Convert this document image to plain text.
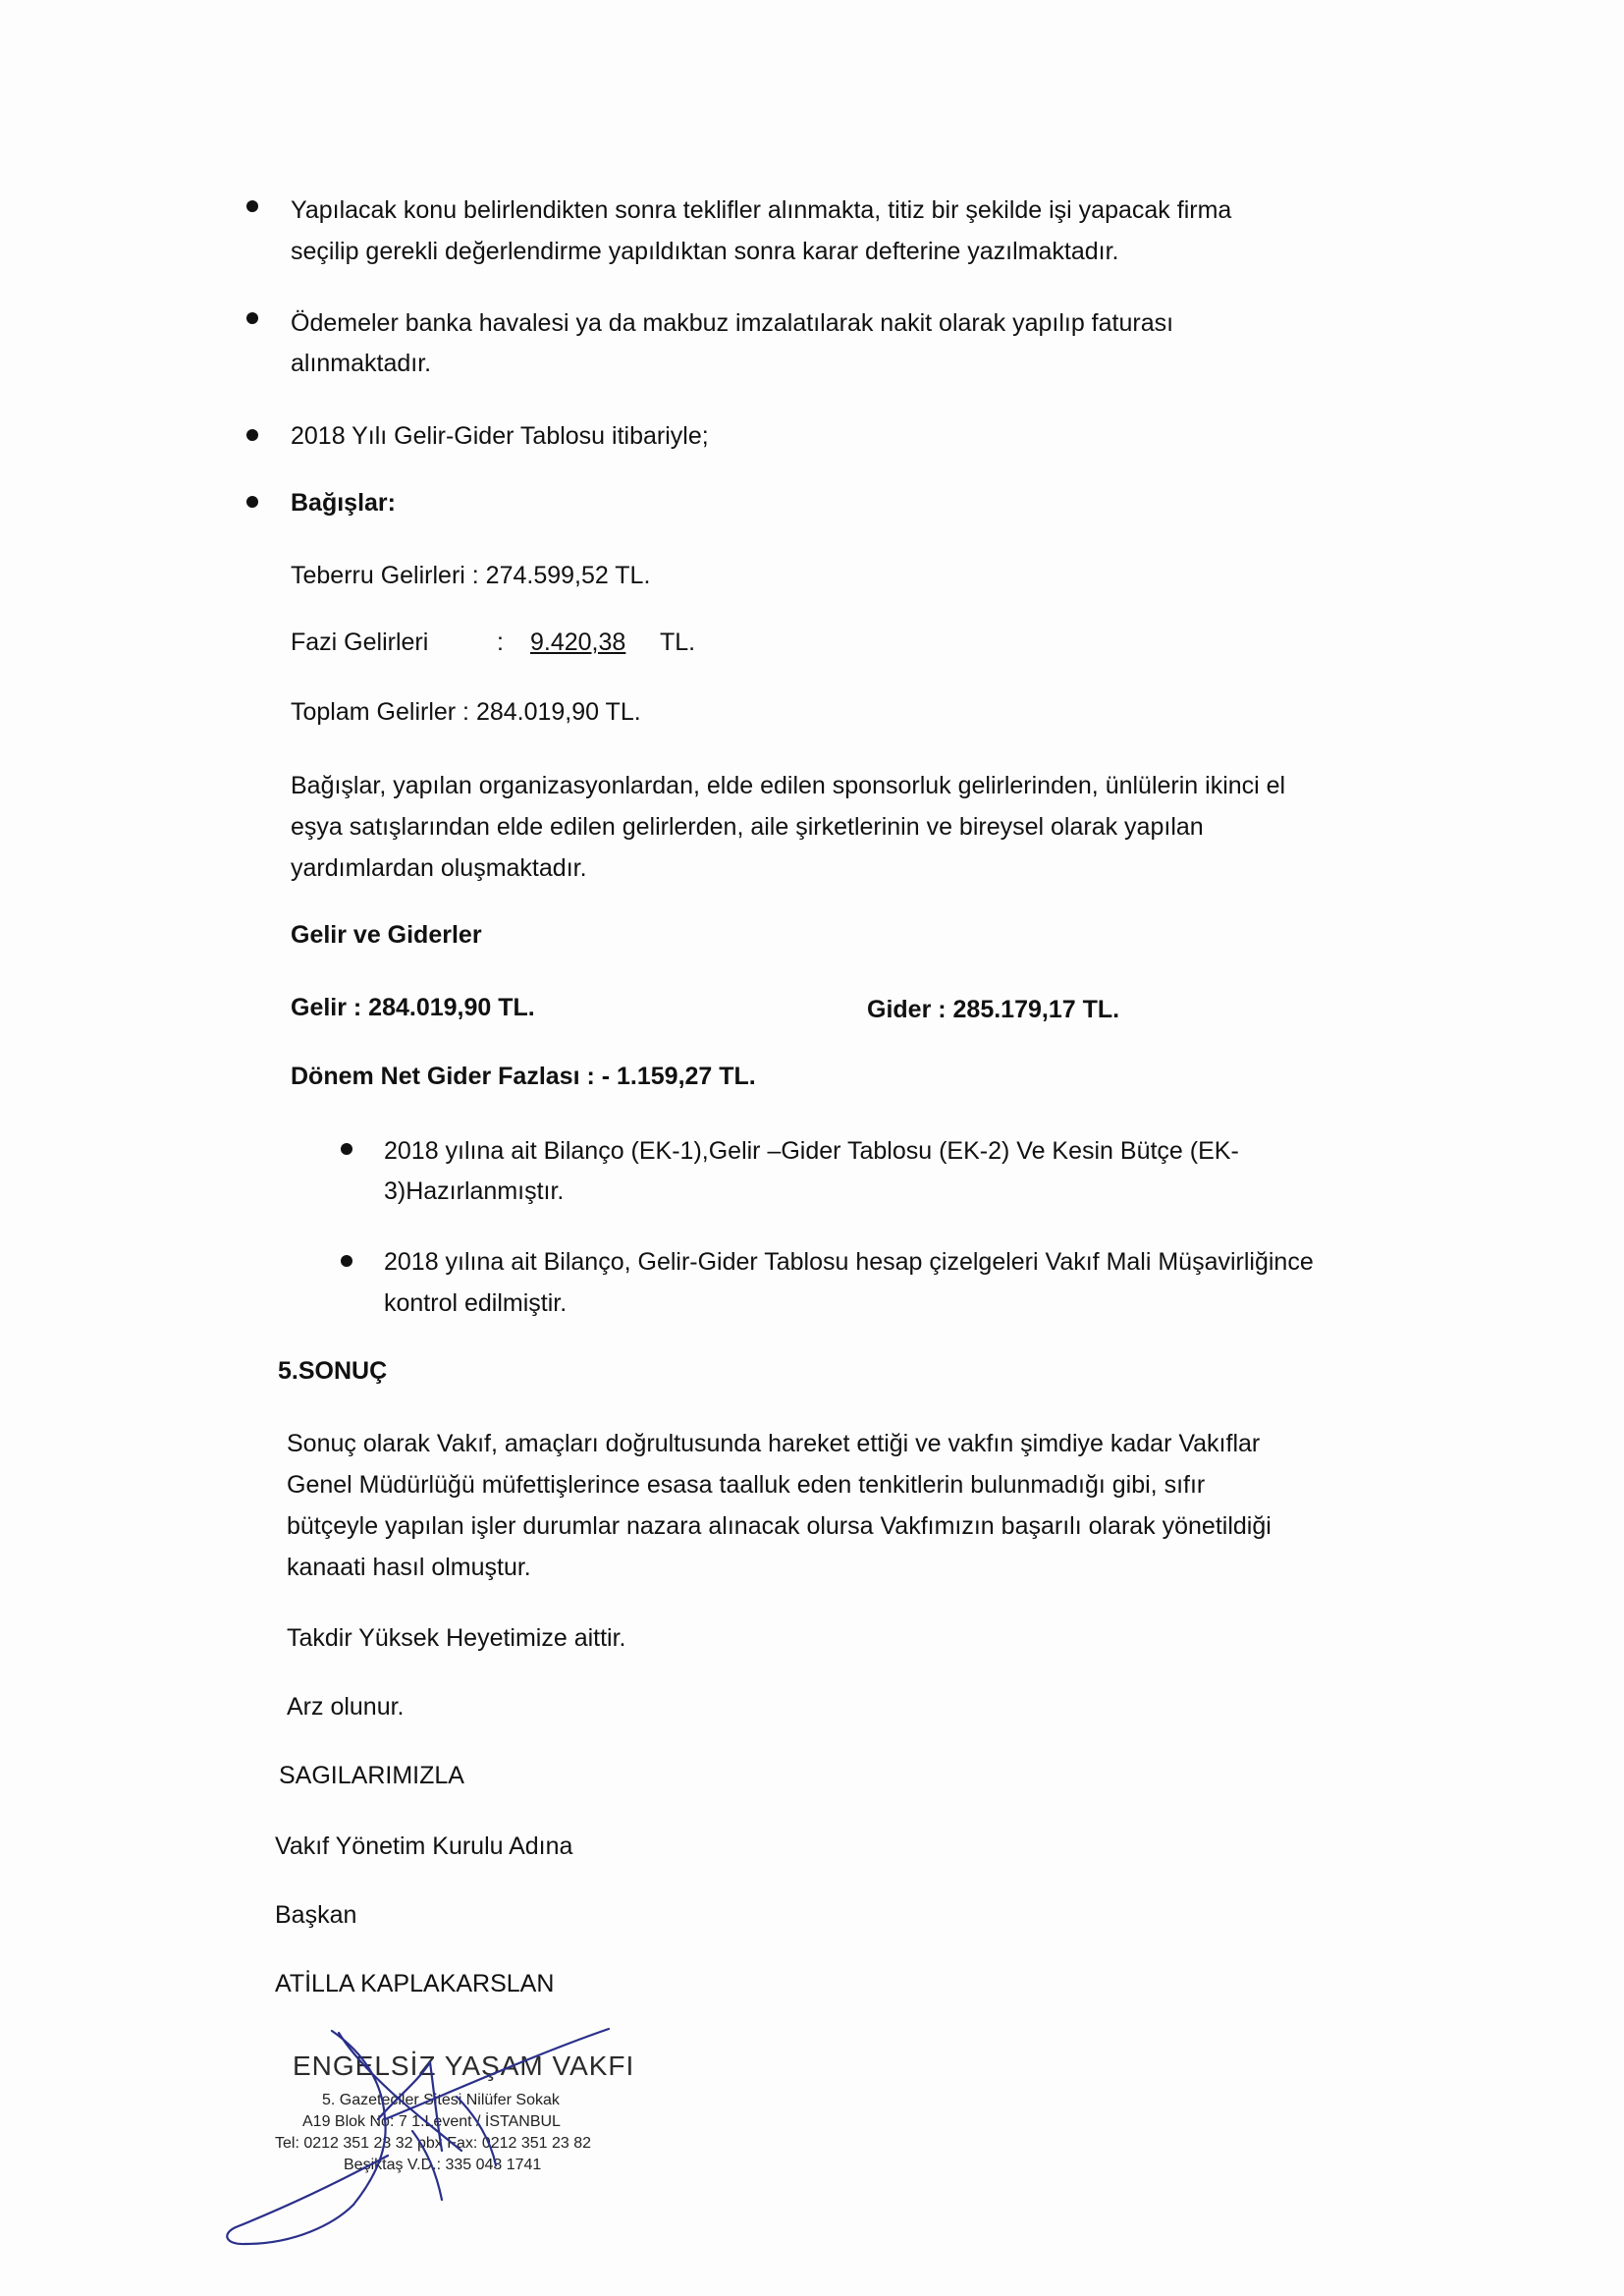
Yapılacak konu belirlendikten sonra teklifler alınmakta, titiz bir şekilde işi yapacak firma
seçilip gerekli değerlendirme yapıldıktan sonra karar defterine yazılmaktadır.
Ödemeler banka havalesi ya da makbuz imzalatılarak nakit olarak yapılıp faturası
alınmaktadır.
2018 Yılı Gelir-Gider Tablosu itibariyle;
Bağışlar:
Teberru Gelirleri : 274.599,52 TL.
Fazi Gelirleri	: 9.420,38 TL.
Toplam Gelirler : 284.019,90 TL.
Bağışlar, yapılan organizasyonlardan, elde edilen sponsorluk gelirlerinden, ünlülerin ikinci el
eşya satışlarından elde edilen gelirlerden, aile şirketlerinin ve bireysel olarak yapılan
yardımlardan oluşmaktadır.
Gelir ve Giderler
Gelir : 284.019,90 TL.	Gider : 285.179,17 TL.
Dönem Net Gider Fazlası : - 1.159,27 TL.
2018 yılına ait Bilanço (EK-1),Gelir –Gider Tablosu (EK-2) Ve Kesin Bütçe (EK-
3)Hazırlanmıştır.
2018 yılına ait Bilanço, Gelir-Gider Tablosu hesap çizelgeleri Vakıf Mali Müşavirliğince
kontrol edilmiştir.
5.SONUÇ
Sonuç olarak Vakıf, amaçları doğrultusunda hareket ettiği ve vakfın şimdiye kadar Vakıflar
Genel Müdürlüğü müfettişlerince esasa taalluk eden tenkitlerin bulunmadığı gibi, sıfır
bütçeyle yapılan işler durumlar nazara alınacak olursa Vakfımızın başarılı olarak yönetildiği
kanaati hasıl olmuştur.
Takdir Yüksek Heyetimize aittir.
Arz olunur.
SAGILARIMIZLA
Vakıf Yönetim Kurulu Adına
Başkan
ATİLLA KAPLAKARSLAN
ENGELSİZ YAŞAM VAKFI
5. Gazeteciler Sitesi Nilüfer Sokak
A19 Blok No: 7 1.Levent / İSTANBUL
Tel: 0212 351 23 32 pbx Fax: 0212 351 23 82
Beşiktaş V.D.: 335 043 1741
